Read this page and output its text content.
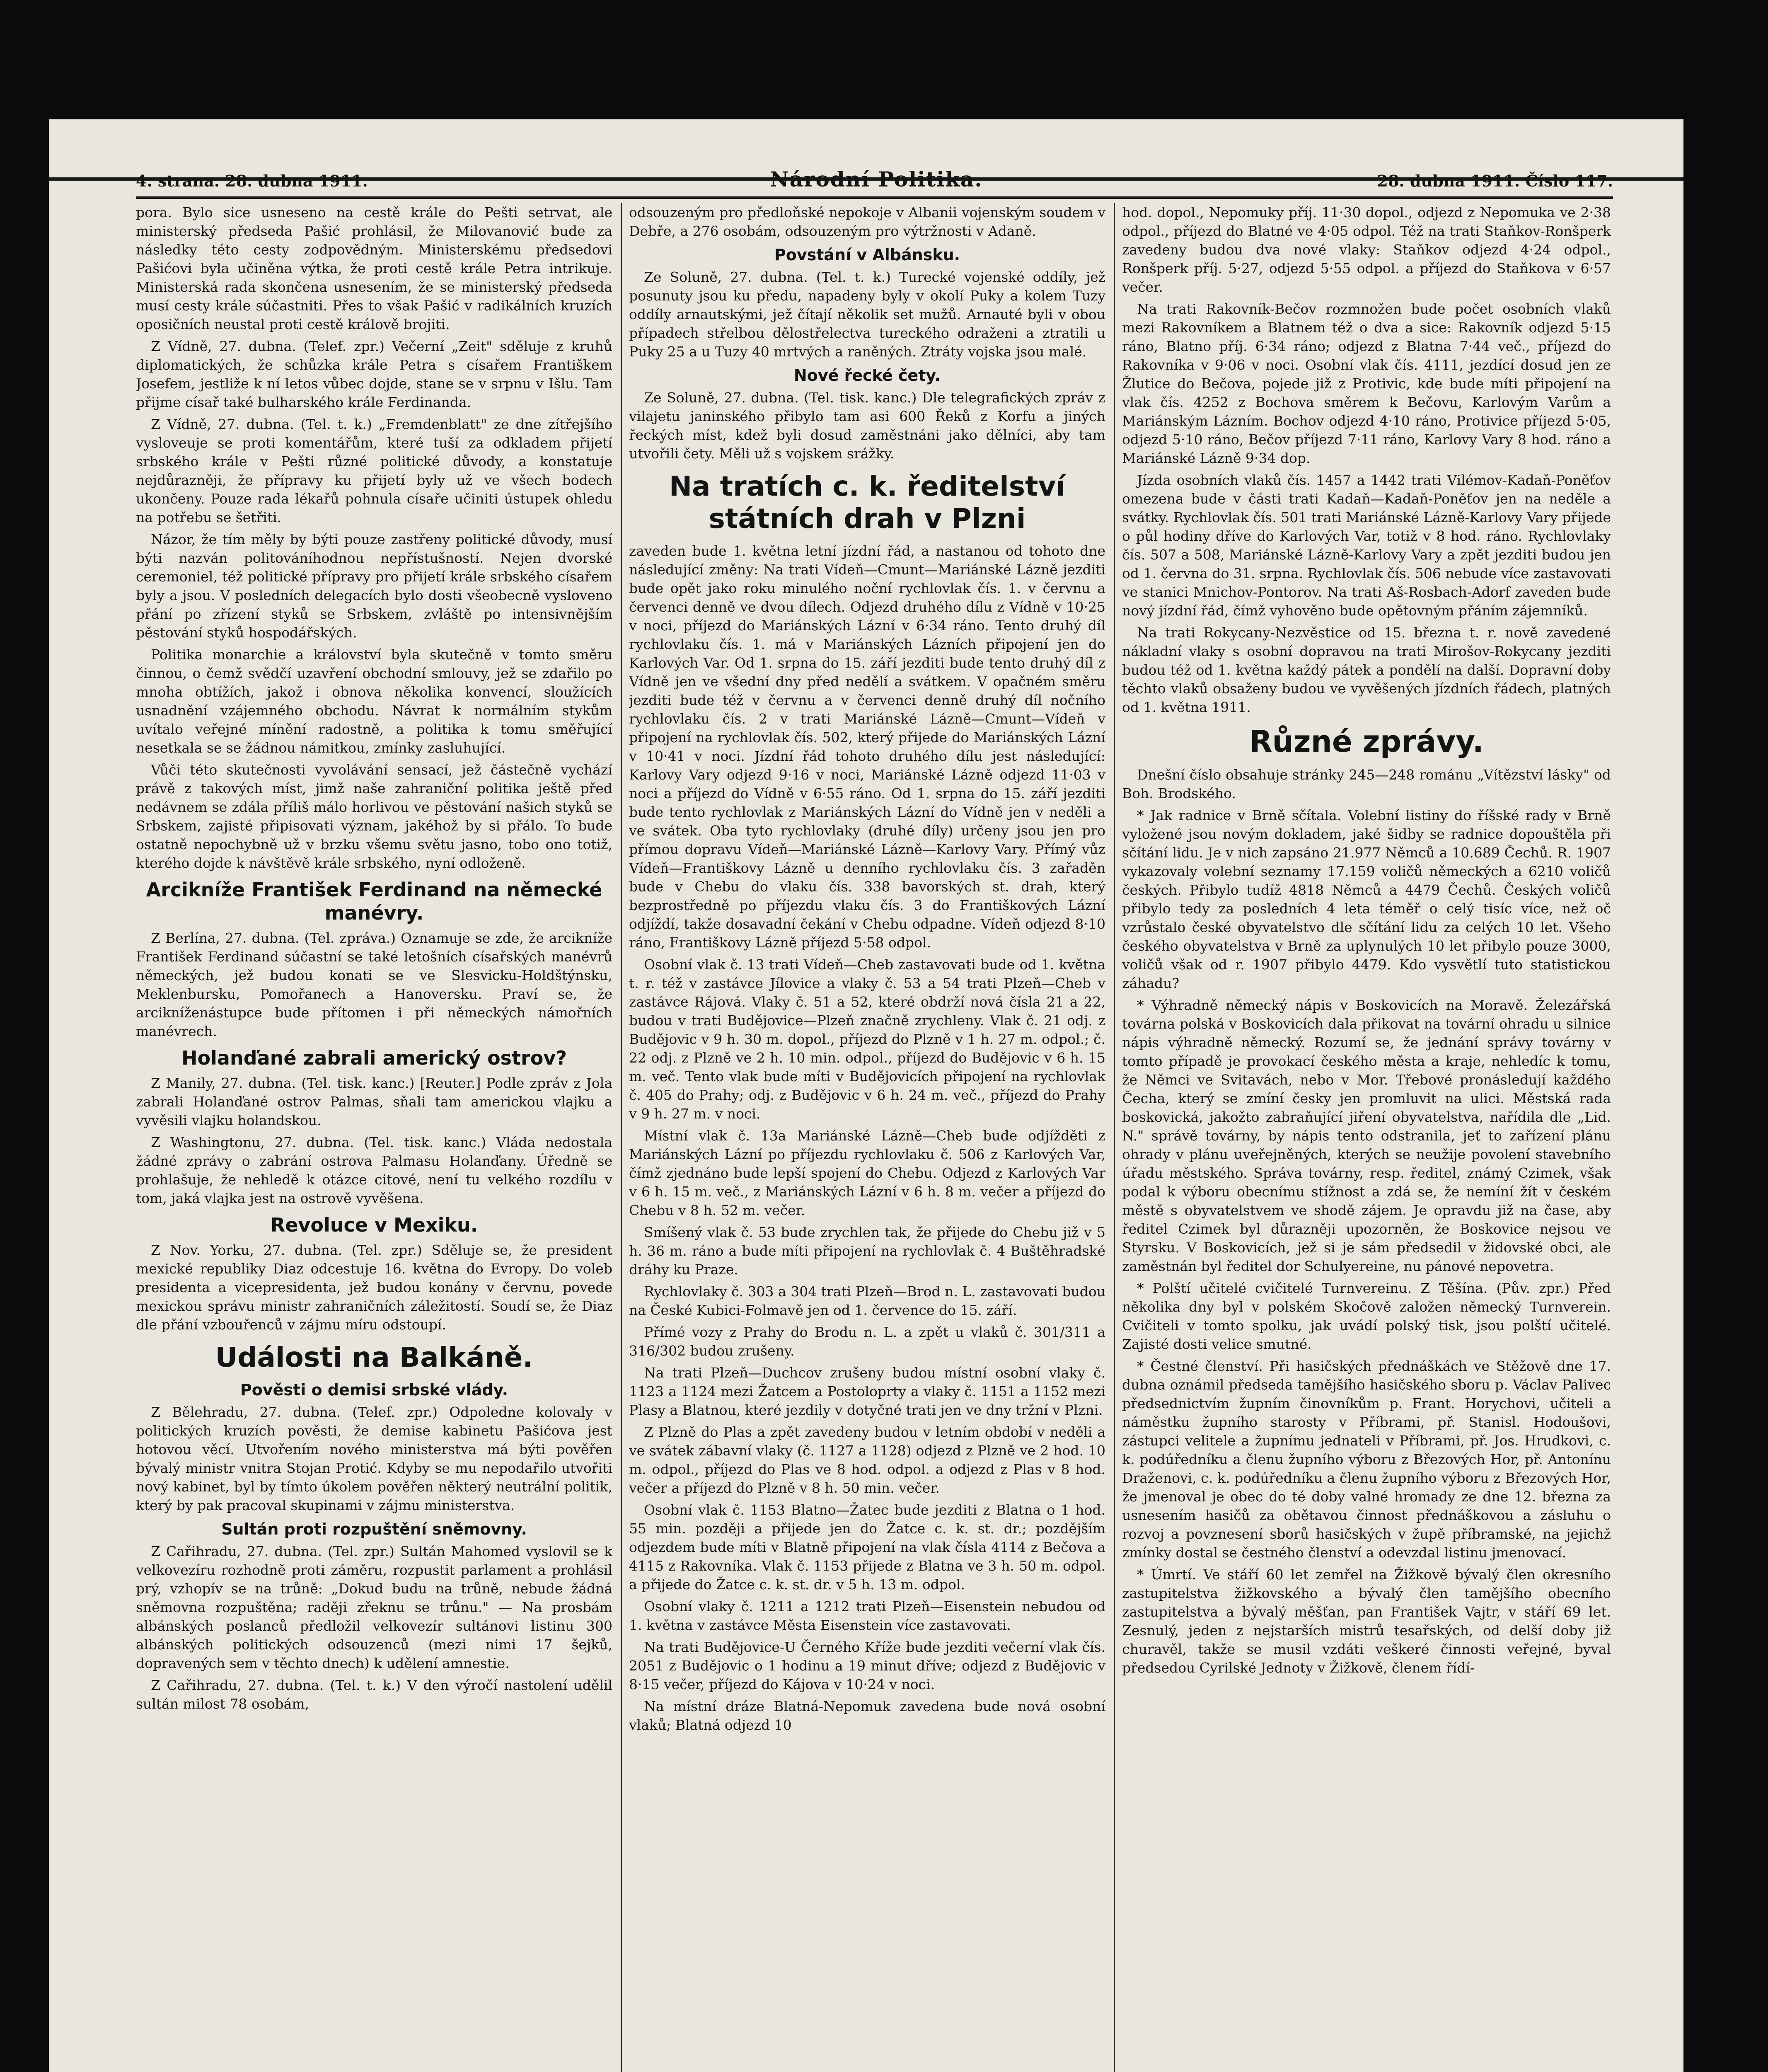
4. strana. 28. dubna 1911.	Národní Politika.	28. dubna 1911. Číslo 117.

pora. Bylo sice usneseno na cestě krále do Pešti setrvat, ale ministerský předseda Pašić prohlásil, že Milovanović bude za následky této cesty zodpovědným. Ministerskému předsedovi Pašićovi byla učiněna výtka, že proti cestě krále Petra intrikuje. Ministerská rada skončena usnesením, že se ministerský předseda musí cesty krále súčastniti. Přes to však Pašić v radikálních kruzích oposičních neustal proti cestě králově brojiti.

Z Vídně, 27. dubna. (Telef. zpr.) Večerní „Zeit" sděluje z kruhů diplomatických, že schůzka krále Petra s císařem Františkem Josefem, jestliže k ní letos vůbec dojde, stane se v srpnu v Išlu. Tam přijme císař také bulharského krále Ferdinanda.

Z Vídně, 27. dubna. (Tel. t. k.) „Fremdenblatt" ze dne zítřejšího vysloveuje se proti komentářům, které tuší za odkladem přijetí srbského krále v Pešti různé politické důvody, a konstatuje nejdůrazněji, že přípravy ku přijetí byly už ve všech bodech ukončeny. Pouze rada lékařů pohnula císaře učiniti ústupek ohledu na potřebu se šetřiti.

Názor, že tím měly by býti pouze zastřeny politické důvody, musí býti nazván politováníhodnou nepřístušností. Nejen dvorské ceremoniel, též politické přípravy pro přijetí krále srbského císařem byly a jsou. V posledních delegacích bylo dosti všeobecně vysloveno přání po zřízení styků se Srbskem, zvláště po intensivnějším pěstování styků hospodářských.

Politika monarchie a království byla skutečně v tomto směru činnou, o čemž svědčí uzavření obchodní smlouvy, jež se zdařilo po mnoha obtížích, jakož i obnova několika konvencí, sloužících usnadnění vzájemného obchodu. Návrat k normálním stykům uvítalo veřejné mínění radostně, a politika k tomu směřující nesetkala se se žádnou námitkou, zmínky zasluhující.

Vůči této skutečnosti vyvolávání sensací, jež částečně vychází právě z takových míst, jimž naše zahraniční politika ještě před nedávnem se zdála příliš málo horlivou ve pěstování našich styků se Srbskem, zajisté připisovati význam, jakéhož by si přálo. To bude ostatně nepochybně už v brzku všemu světu jasno, tobo ono totiž, kterého dojde k návštěvě krále srbského, nyní odloženě.

Arcikníže František Ferdinand na německé manévry.

Z Berlína, 27. dubna. (Tel. zpráva.) Oznamuje se zde, že arcikníže František Ferdinand súčastní se také letošních císařských manévrů německých, jež budou konati se ve Slesvicku-Holdštýnsku, Meklenbursku, Pomořanech a Hanoversku. Praví se, že arcikníženástupce bude přítomen i při německých námořních manévrech.

Holanďané zabrali americký ostrov?

Z Manily, 27. dubna. (Tel. tisk. kanc.) [Reuter.] Podle zpráv z Jola zabrali Holanďané ostrov Palmas, sňali tam americkou vlajku a vyvěsili vlajku holandskou.

Z Washingtonu, 27. dubna. (Tel. tisk. kanc.) Vláda nedostala žádné zprávy o zabrání ostrova Palmasu Holanďany. Úředně se prohlašuje, že nehledě k otázce citové, není tu velkého rozdílu v tom, jaká vlajka jest na ostrově vyvěšena.

Revoluce v Mexiku.

Z Nov. Yorku, 27. dubna. (Tel. zpr.) Sděluje se, že president mexické republiky Diaz odcestuje 16. května do Evropy. Do voleb presidenta a vicepresidenta, jež budou konány v červnu, povede mexickou správu ministr zahraničních záležitostí. Soudí se, že Diaz dle přání vzbouřenců v zájmu míru odstoupí.

Události na Balkáně.
Pověsti o demisi srbské vlády.

Z Bělehradu, 27. dubna. (Telef. zpr.) Odpoledne kolovaly v politických kruzích pověsti, že demise kabinetu Pašićova jest hotovou věcí. Utvořením nového ministerstva má býti pověřen bývalý ministr vnitra Stojan Protić. Kdyby se mu nepodařilo utvořiti nový kabinet, byl by tímto úkolem pověřen některý neutrální politik, který by pak pracoval skupinami v zájmu ministerstva.

Sultán proti rozpuštění sněmovny.

Z Cařihradu, 27. dubna. (Tel. zpr.) Sultán Mahomed vyslovil se k velkovezíru rozhodně proti záměru, rozpustit parlament a prohlásil prý, vzhopív se na trůně: „Dokud budu na trůně, nebude žádná sněmovna rozpuštěna; raději zřeknu se trůnu." — Na prosbám albánských poslanců předložil velkovezír sultánovi listinu 300 albánských politických odsouzenců (mezi nimi 17 šejků, dopravených sem v těchto dnech) k udělení amnestie.

Z Cařihradu, 27. dubna. (Tel. t. k.) V den výročí nastolení udělil sultán milost 78 osobám,

odsouzeným pro předloňské nepokoje v Albanii vojenským soudem v Debře, a 276 osobám, odsouzeným pro výtržnosti v Adaně.

Povstání v Albánsku.

Ze Soluně, 27. dubna. (Tel. t. k.) Turecké vojenské oddíly, jež posunuty jsou ku předu, napadeny byly v okolí Puky a kolem Tuzy oddíly arnautskými, jež čítají několik set mužů. Arnauté byli v obou případech střelbou dělostřelectva tureckého odraženi a ztratili u Puky 25 a u Tuzy 40 mrtvých a raněných. Ztráty vojska jsou malé.

Nové řecké čety.

Ze Soluně, 27. dubna. (Tel. tisk. kanc.) Dle telegrafických zpráv z vilajetu janinského přibylo tam asi 600 Řeků z Korfu a jiných řeckých míst, kdež byli dosud zaměstnáni jako dělníci, aby tam utvořili čety. Měli už s vojskem srážky.

Na tratích c. k. ředitelství státních drah v Plzni

zaveden bude 1. května letní jízdní řád, a nastanou od tohoto dne následující změny: Na trati Vídeň—Cmunt—Mariánské Lázně jezditi bude opět jako roku minulého noční rychlovlak čís. 1. v červnu a červenci denně ve dvou dílech. Odjezd druhého dílu z Vídně v 10·25 v noci, příjezd do Mariánských Lázní v 6·34 ráno. Tento druhý díl rychlovlaku čís. 1. má v Mariánských Lázních připojení jen do Karlových Var. Od 1. srpna do 15. září jezditi bude tento druhý díl z Vídně jen ve všední dny před nedělí a svátkem. V opačném směru jezditi bude též v červnu a v červenci denně druhý díl nočního rychlovlaku čís. 2 v trati Mariánské Lázně—Cmunt—Vídeň v připojení na rychlovlak čís. 502, který přijede do Mariánských Lázní v 10·41 v noci. Jízdní řád tohoto druhého dílu jest následující: Karlovy Vary odjezd 9·16 v noci, Mariánské Lázně odjezd 11·03 v noci a příjezd do Vídně v 6·55 ráno. Od 1. srpna do 15. září jezditi bude tento rychlovlak z Mariánských Lázní do Vídně jen v neděli a ve svátek. Oba tyto rychlovlaky (druhé díly) určeny jsou jen pro přímou dopravu Vídeň—Mariánské Lázně—Karlovy Vary. Přímý vůz Vídeň—Františkovy Lázně u denního rychlovlaku čís. 3 zařaděn bude v Chebu do vlaku čís. 338 bavorských st. drah, který bezprostředně po příjezdu vlaku čís. 3 do Františkových Lázní odjíždí, takže dosavadní čekání v Chebu odpadne. Vídeň odjezd 8·10 ráno, Františkovy Lázně příjezd 5·58 odpol.

Osobní vlak č. 13 trati Vídeň—Cheb zastavovati bude od 1. května t. r. též v zastávce Jílovice a vlaky č. 53 a 54 trati Plzeň—Cheb v zastávce Rájová. Vlaky č. 51 a 52, které obdrží nová čísla 21 a 22, budou v trati Budějovice—Plzeň značně zrychleny. Vlak č. 21 odj. z Budějovic v 9 h. 30 m. dopol., příjezd do Plzně v 1 h. 27 m. odpol.; č. 22 odj. z Plzně ve 2 h. 10 min. odpol., příjezd do Budějovic v 6 h. 15 m. več. Tento vlak bude míti v Budějovicích připojení na rychlovlak č. 405 do Prahy; odj. z Budějovic v 6 h. 24 m. več., příjezd do Prahy v 9 h. 27 m. v noci.

Místní vlak č. 13a Mariánské Lázně—Cheb bude odjížděti z Mariánských Lázní po příjezdu rychlovlaku č. 506 z Karlových Var, čímž zjednáno bude lepší spojení do Chebu. Odjezd z Karlových Var v 6 h. 15 m. več., z Mariánských Lázní v 6 h. 8 m. večer a příjezd do Chebu v 8 h. 52 m. večer.

Smíšený vlak č. 53 bude zrychlen tak, že přijede do Chebu již v 5 h. 36 m. ráno a bude míti připojení na rychlovlak č. 4 Buštěhradské dráhy ku Praze.

Rychlovlaky č. 303 a 304 trati Plzeň—Brod n. L. zastavovati budou na České Kubici-Folmavě jen od 1. července do 15. září.

Přímé vozy z Prahy do Brodu n. L. a zpět u vlaků č. 301/311 a 316/302 budou zrušeny.

Na trati Plzeň—Duchcov zrušeny budou místní osobní vlaky č. 1123 a 1124 mezi Žatcem a Postoloprty a vlaky č. 1151 a 1152 mezi Plasy a Blatnou, které jezdily v dotyčné trati jen ve dny tržní v Plzni.

Z Plzně do Plas a zpět zavedeny budou v letním období v neděli a ve svátek zábavní vlaky (č. 1127 a 1128) odjezd z Plzně ve 2 hod. 10 m. odpol., příjezd do Plas ve 8 hod. odpol. a odjezd z Plas v 8 hod. večer a příjezd do Plzně v 8 h. 50 min. večer.

Osobní vlak č. 1153 Blatno—Žatec bude jezditi z Blatna o 1 hod. 55 min. později a přijede jen do Žatce c. k. st. dr.; pozdějším odjezdem bude míti v Blatně připojení na vlak čísla 4114 z Bečova a 4115 z Rakovníka. Vlak č. 1153 přijede z Blatna ve 3 h. 50 m. odpol. a přijede do Žatce c. k. st. dr. v 5 h. 13 m. odpol.

Osobní vlaky č. 1211 a 1212 trati Plzeň—Eisenstein nebudou od 1. května v zastávce Města Eisenstein více zastavovati.

Na trati Budějovice-U Černého Kříže bude jezditi večerní vlak čís. 2051 z Budějovic o 1 hodinu a 19 minut dříve; odjezd z Budějovic v 8·15 večer, příjezd do Kájova v 10·24 v noci.

Na místní dráze Blatná-Nepomuk zavedena bude nová osobní vlaků; Blatná odjezd 10

hod. dopol., Nepomuky příj. 11·30 dopol., odjezd z Nepomuka ve 2·38 odpol., příjezd do Blatné ve 4·05 odpol. Též na trati Staňkov-Ronšperk zavedeny budou dva nové vlaky: Staňkov odjezd 4·24 odpol., Ronšperk příj. 5·27, odjezd 5·55 odpol. a příjezd do Staňkova v 6·57 večer.

Na trati Rakovník-Bečov rozmnožen bude počet osobních vlaků mezi Rakovníkem a Blatnem též o dva a sice: Rakovník odjezd 5·15 ráno, Blatno příj. 6·34 ráno; odjezd z Blatna 7·44 več., příjezd do Rakovníka v 9·06 v noci. Osobní vlak čís. 4111, jezdící dosud jen ze Žlutice do Bečova, pojede již z Protivic, kde bude míti připojení na vlak čís. 4252 z Bochova směrem k Bečovu, Karlovým Varům a Mariánským Lázním. Bochov odjezd 4·10 ráno, Protivice příjezd 5·05, odjezd 5·10 ráno, Bečov příjezd 7·11 ráno, Karlovy Vary 8 hod. ráno a Mariánské Lázně 9·34 dop.

Jízda osobních vlaků čís. 1457 a 1442 trati Vilémov-Kadaň-Poněťov omezena bude v části trati Kadaň—Kadaň-Poněťov jen na neděle a svátky. Rychlovlak čís. 501 trati Mariánské Lázně-Karlovy Vary přijede o půl hodiny dříve do Karlových Var, totiž v 8 hod. ráno. Rychlovlaky čís. 507 a 508, Mariánské Lázně-Karlovy Vary a zpět jezditi budou jen od 1. června do 31. srpna. Rychlovlak čís. 506 nebude více zastavovati ve stanici Mnichov-Pontorov. Na trati Aš-Rosbach-Adorf zaveden bude nový jízdní řád, čímž vyhověno bude opětovným přáním zájemníků.

Na trati Rokycany-Nezvěstice od 15. března t. r. nově zavedené nákladní vlaky s osobní dopravou na trati Mirošov-Rokycany jezditi budou též od 1. května každý pátek a pondělí na další. Dopravní doby těchto vlaků obsaženy budou ve vyvěšených jízdních řádech, platných od 1. května 1911.

Různé zprávy.

Dnešní číslo obsahuje stránky 245—248 románu „Vítězství lásky" od Boh. Brodského.

* Jak radnice v Brně sčítala. Volební listiny do říšské rady v Brně vyložené jsou novým dokladem, jaké šidby se radnice dopouštěla při sčítání lidu. Je v nich zapsáno 21.977 Němců a 10.689 Čechů. R. 1907 vykazovaly volební seznamy 17.159 voličů německých a 6210 voličů českých. Přibylo tudíž 4818 Němců a 4479 Čechů. Českých voličů přibylo tedy za posledních 4 leta téměř o celý tisíc více, než oč vzrůstalo české obyvatelstvo dle sčítání lidu za celých 10 let. Všeho českého obyvatelstva v Brně za uplynulých 10 let přibylo pouze 3000, voličů však od r. 1907 přibylo 4479. Kdo vysvětlí tuto statistickou záhadu?

* Výhradně německý nápis v Boskovicích na Moravě. Železářská továrna polská v Boskovicích dala přikovat na tovární ohradu u silnice nápis výhradně německý. Rozumí se, že jednání správy továrny v tomto případě je provokací českého města a kraje, nehledíc k tomu, že Němci ve Svitavách, nebo v Mor. Třebové pronásledují každého Čecha, který se zmíní česky jen promluvit na ulici. Městská rada boskovická, jakožto zabraňující jiření obyvatelstva, nařídila dle „Lid. N." správě továrny, by nápis tento odstranila, jeť to zařízení plánu ohrady v plánu uveřejněných, kterých se neužije povolení stavebního úřadu městského. Správa továrny, resp. ředitel, známý Czimek, však podal k výboru obecnímu stížnost a zdá se, že nemíní žít v českém městě s obyvatelstvem ve shodě zájem. Je opravdu již na čase, aby ředitel Czimek byl důrazněji upozorněn, že Boskovice nejsou ve Styrsku. V Boskovicích, jež si je sám předsedil v židovské obci, ale zaměstnán byl ředitel dor Schulyereine, nu pánové nepovetra.

* Polští učitelé cvičitelé Turnvereinu. Z Těšína. (Pův. zpr.) Před několika dny byl v polském Skočově založen německý Turnverein. Cvičiteli v tomto spolku, jak uvádí polský tisk, jsou polští učitelé. Zajisté dosti velice smutné.

* Čestné členství. Při hasičských přednáškách ve Stěžově dne 17. dubna oznámil předseda tamějšího hasičského sboru p. Václav Palivec předsednictvím župním činovníkům p. Frant. Horychovi, učiteli a náměstku župního starosty v Příbrami, př. Stanisl. Hodoušovi, zástupci velitele a župnímu jednateli v Příbrami, př. Jos. Hrudkovi, c. k. podúředníku a členu župního výboru z Březových Hor, př. Antonínu Draženovi, c. k. podúředníku a členu župního výboru z Březových Hor, že jmenoval je obec do té doby valné hromady ze dne 12. března za usnesením hasičů za obětavou činnost přednáškovou a zásluhu o rozvoj a povznesení sborů hasičských v župě příbramské, na jejichž zmínky dostal se čestného členství a odevzdal listinu jmenovací.

* Úmrtí. Ve stáří 60 let zemřel na Žižkově bývalý člen okresního zastupitelstva žižkovského a bývalý člen tamějšího obecního zastupitelstva a bývalý měšťan, pan František Vajtr, v stáří 69 let. Zesnulý, jeden z nejstarších mistrů tesařských, od delší doby již churavěl, takže se musil vzdáti veškeré činnosti veřejné, byval předsedou Cyrilské Jednoty v Žižkově, členem řídí-
